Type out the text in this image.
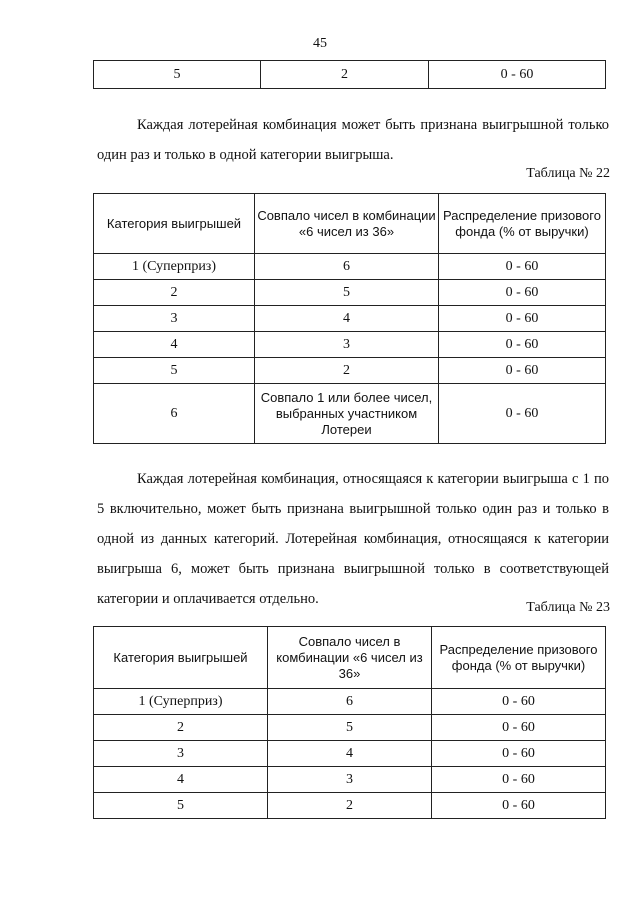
45
5	2	0 - 60

Каждая лотерейная комбинация может быть признана выигрышной только один раз и только в одной категории выигрыша.

Таблица № 22
Категория выигрышей	Совпало чисел в комбинации «6 чисел из 36»	Распределение призового фонда (% от выручки)
1 (Суперприз)	6	0 - 60
2	5	0 - 60
3	4	0 - 60
4	3	0 - 60
5	2	0 - 60
6	Совпало 1 или более чисел, выбранных участником Лотереи	0 - 60

Каждая лотерейная комбинация, относящаяся к категории выигрыша с 1 по 5 включительно, может быть признана выигрышной только один раз и только в одной из данных категорий. Лотерейная комбинация, относящаяся к категории выигрыша 6, может быть признана выигрышной только в соответствующей категории и оплачивается отдельно.

Таблица № 23
Категория выигрышей	Совпало чисел в комбинации «6 чисел из 36»	Распределение призового фонда (% от выручки)
1 (Суперприз)	6	0 - 60
2	5	0 - 60
3	4	0 - 60
4	3	0 - 60
5	2	0 - 60
